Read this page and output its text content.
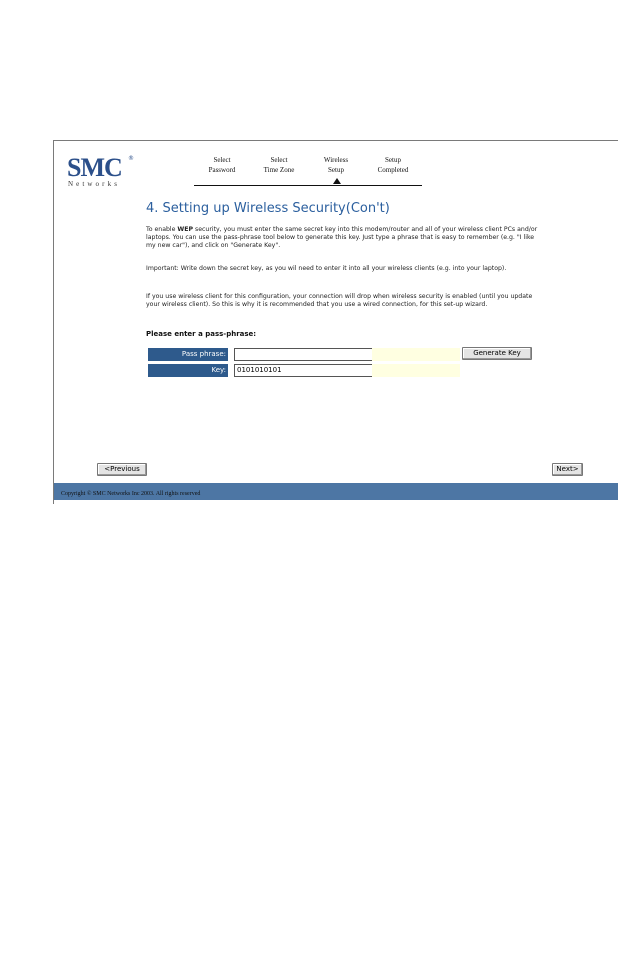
SMC ®
Networks
Select
Password
Select
Time Zone
Wireless
Setup
Setup
Completed
4. Setting up Wireless Security(Con't)
To enable WEP security, you must enter the same secret key into this modem/router and all of your wireless client PCs and/or laptops. You can use the pass-phrase tool below to generate this key. Just type a phrase that is easy to remember (e.g. "I like my new car"), and click on "Generate Key".
Important: Write down the secret key, as you wil need to enter it into all your wireless clients (e.g. into your laptop).
If you use wireless client for this configuration, your connection will drop when wireless security is enabled (until you update your wireless client). So this is why it is recommended that you use a wired connection, for this set-up wizard.
Please enter a pass-phrase:
Pass phrase:	Generate Key
Key:	0101010101
<Previous	Next>
Copyright © SMC Networks Inc 2003. All rights reserved
